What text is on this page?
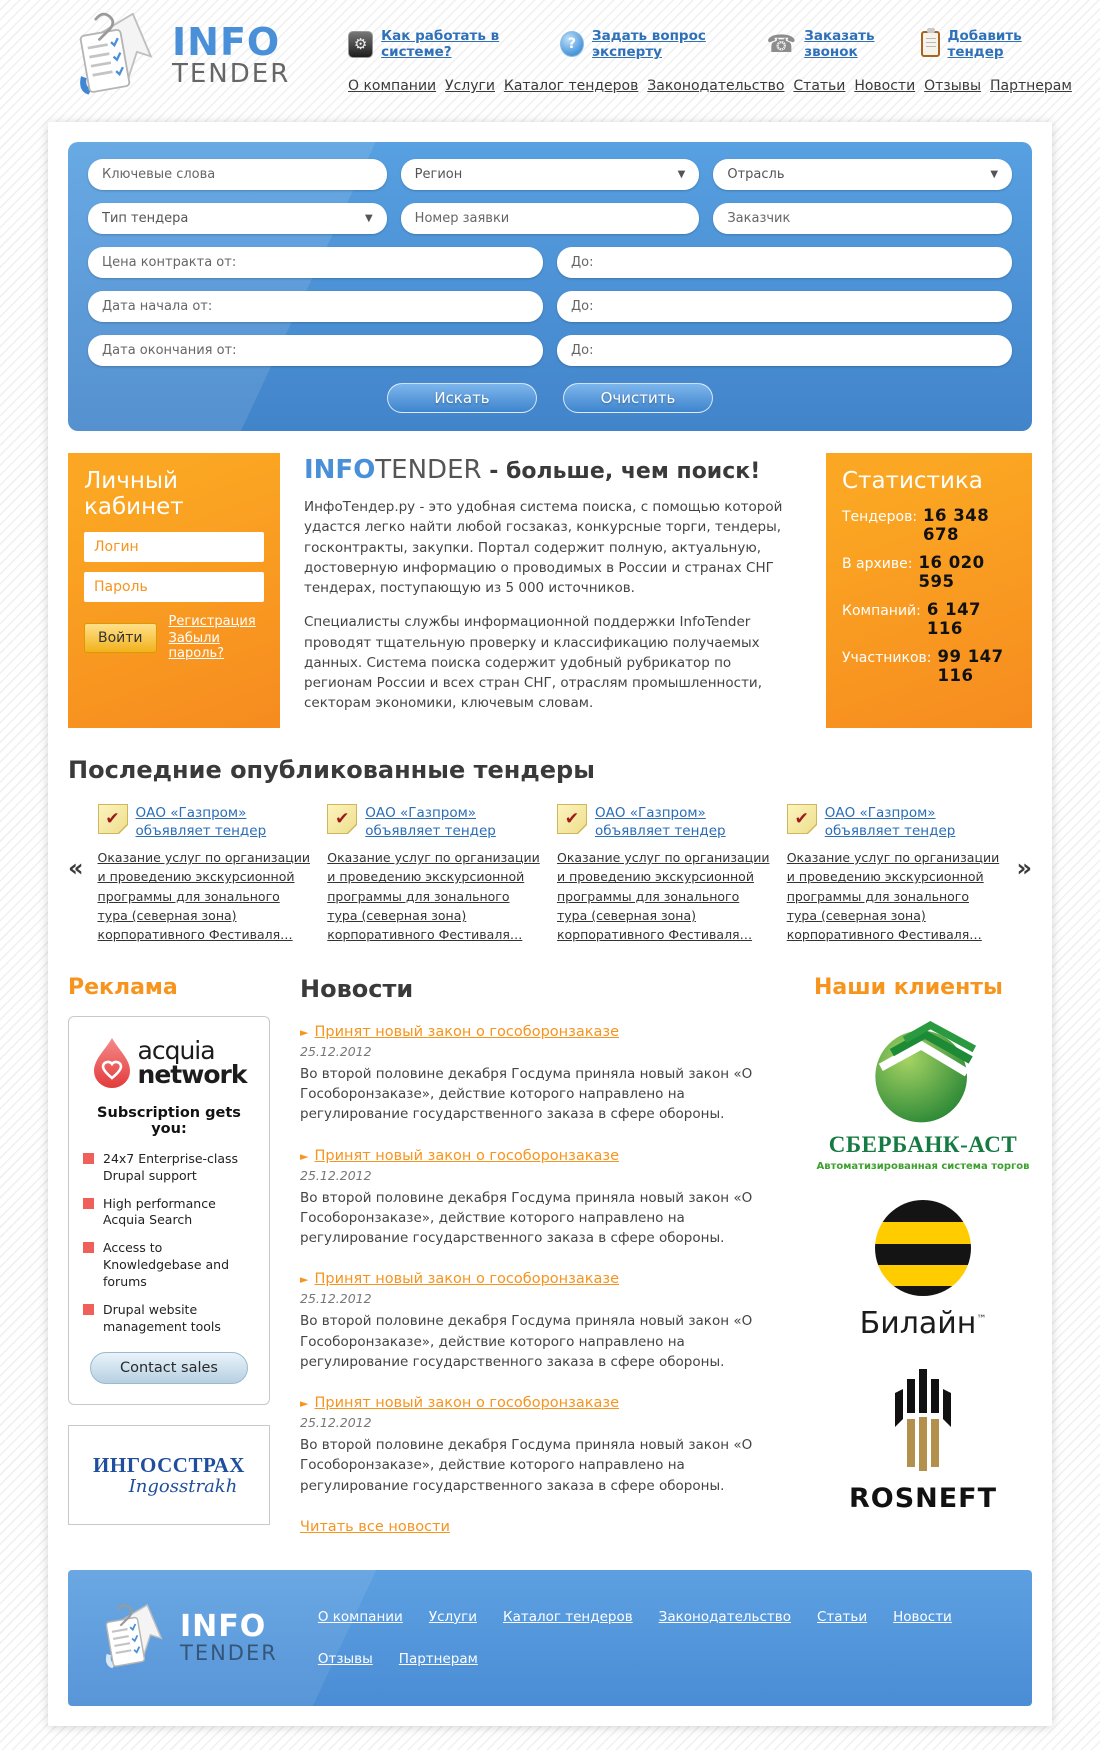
INFO
TENDER
⚙	Как работать в системе?	?	Задать вопрос эксперту	☎ Заказать звонок
Добавить тендер
О компании Услуги Каталог тендеров Законодательство Статьи Новости Отзывы Партнерам
Ключевые слова
Регион	▼	Отрасль	▼
Тип тендера	▼
Номер заявки
Заказчик
Цена контракта от:
До:
Дата начала от:
До:
Дата окончания от:
До:
Искать	Очистить
Личный кабинет
Логин
Войти
Регистрация
Забыли пароль?
INFOTENDER - больше, чем поиск!

ИнфоТендер.ру - это удобная система поиска, с помощью которой удастся легко найти любой госзаказ, конкурсные торги, тендеры, госконтракты, закупки. Портал содержит полную, актуальную, достоверную информацию о проводимых в России и странах СНГ тендерах, поступающую из 5 000 источников.

Специалисты службы информационной поддержки InfoTender проводят тщательную проверку и классификацию получаемых данных. Система поиска содержит удобный рубрикатор по регионам России и всех стран СНГ, отраслям промышленности, секторам экономики, ключевым словам.

Статистика
Тендеров: 16 348 678
В архиве: 16 020 595
Компаний: 6 147 116
Участников: 99 147 116
Последние опубликованные тендеры
«
✔	ОАО «Газпром» объявляет тендер
Оказание услуг по организации и проведению экскурсионной программы для зонального тура (северная зона) корпоративного Фестиваля…
✔	ОАО «Газпром» объявляет тендер
Оказание услуг по организации и проведению экскурсионной программы для зонального тура (северная зона) корпоративного Фестиваля…
✔	ОАО «Газпром» объявляет тендер
Оказание услуг по организации и проведению экскурсионной программы для зонального тура (северная зона) корпоративного Фестиваля…
✔	ОАО «Газпром» объявляет тендер
Оказание услуг по организации и проведению экскурсионной программы для зонального тура (северная зона) корпоративного Фестиваля…
»
Реклама
acquia
network
Subscription gets you:
24x7 Enterprise-class Drupal support
High performance Acquia Search
Access to Knowledgebase and forums
Drupal website management tools
Contact sales
ИНГОССТРАХ
Ingosstrakh
Новости
► Принят новый закон о гособоронзаказе
25.12.2012
Во второй половине декабря Госдума приняла новый закон «О Гособоронзаказе», действие которого направлено на регулирование государственного заказа в сфере обороны.
► Принят новый закон о гособоронзаказе
25.12.2012
Во второй половине декабря Госдума приняла новый закон «О Гособоронзаказе», действие которого направлено на регулирование государственного заказа в сфере обороны.
► Принят новый закон о гособоронзаказе
25.12.2012
Во второй половине декабря Госдума приняла новый закон «О Гособоронзаказе», действие которого направлено на регулирование государственного заказа в сфере обороны.
► Принят новый закон о гособоронзаказе
25.12.2012
Во второй половине декабря Госдума приняла новый закон «О Гособоронзаказе», действие которого направлено на регулирование государственного заказа в сфере обороны.
Читать все новости
Наши клиенты
СБЕРБАНК-АСТ
Автоматизированная система торгов
Билайн™
ROSNEFT
INFO
TENDER
О компании Услуги Каталог тендеров Законодательство Статьи Новости
Отзывы Партнерам
